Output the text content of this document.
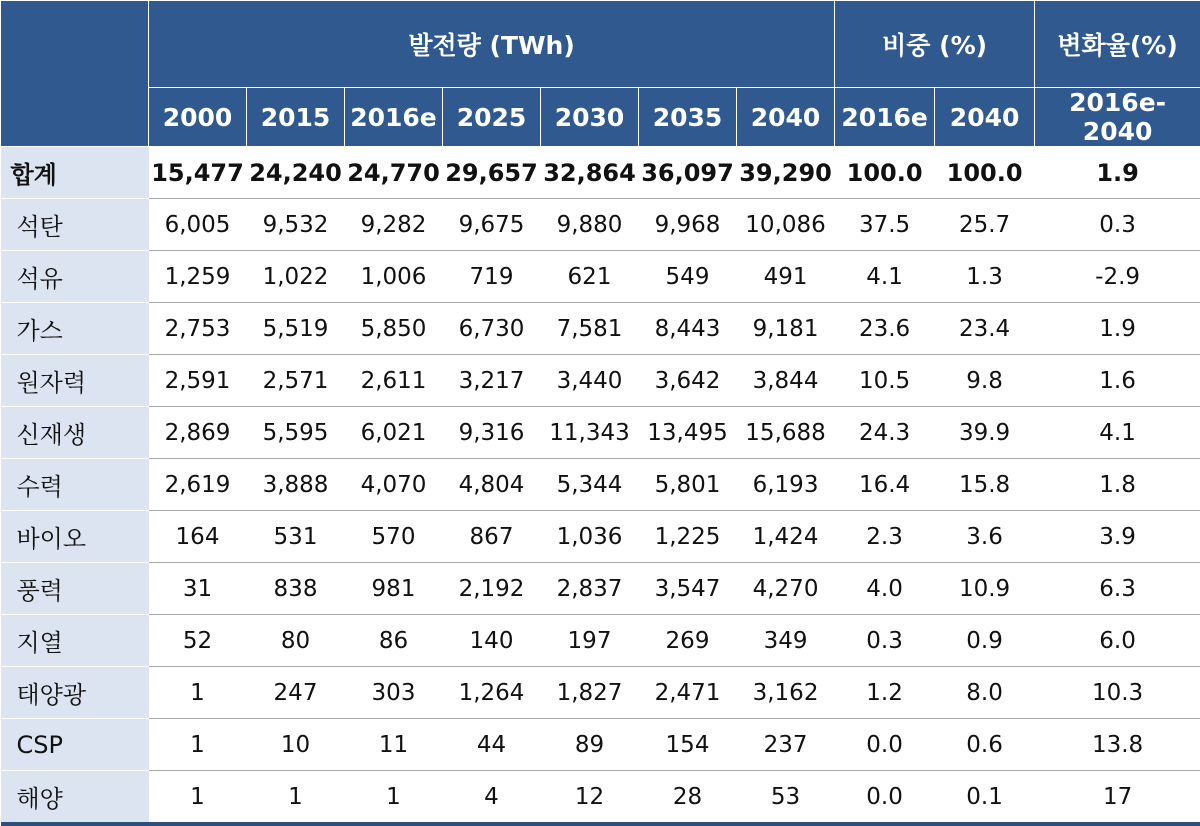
	발전량 (TWh)							비중 (%)		변화율(%)
	2000	2015	2016e	2025	2030	2035	2040	2016e	2040	2016e-2040
합계	15,477	24,240	24,770	29,657	32,864	36,097	39,290	100.0	100.0	1.9
석탄	6,005	9,532	9,282	9,675	9,880	9,968	10,086	37.5	25.7	0.3
석유	1,259	1,022	1,006	719	621	549	491	4.1	1.3	-2.9
가스	2,753	5,519	5,850	6,730	7,581	8,443	9,181	23.6	23.4	1.9
원자력	2,591	2,571	2,611	3,217	3,440	3,642	3,844	10.5	9.8	1.6
신재생	2,869	5,595	6,021	9,316	11,343	13,495	15,688	24.3	39.9	4.1
수력	2,619	3,888	4,070	4,804	5,344	5,801	6,193	16.4	15.8	1.8
바이오	164	531	570	867	1,036	1,225	1,424	2.3	3.6	3.9
풍력	31	838	981	2,192	2,837	3,547	4,270	4.0	10.9	6.3
지열	52	80	86	140	197	269	349	0.3	0.9	6.0
태양광	1	247	303	1,264	1,827	2,471	3,162	1.2	8.0	10.3
CSP	1	10	11	44	89	154	237	0.0	0.6	13.8
해양	1	1	1	4	12	28	53	0.0	0.1	17
